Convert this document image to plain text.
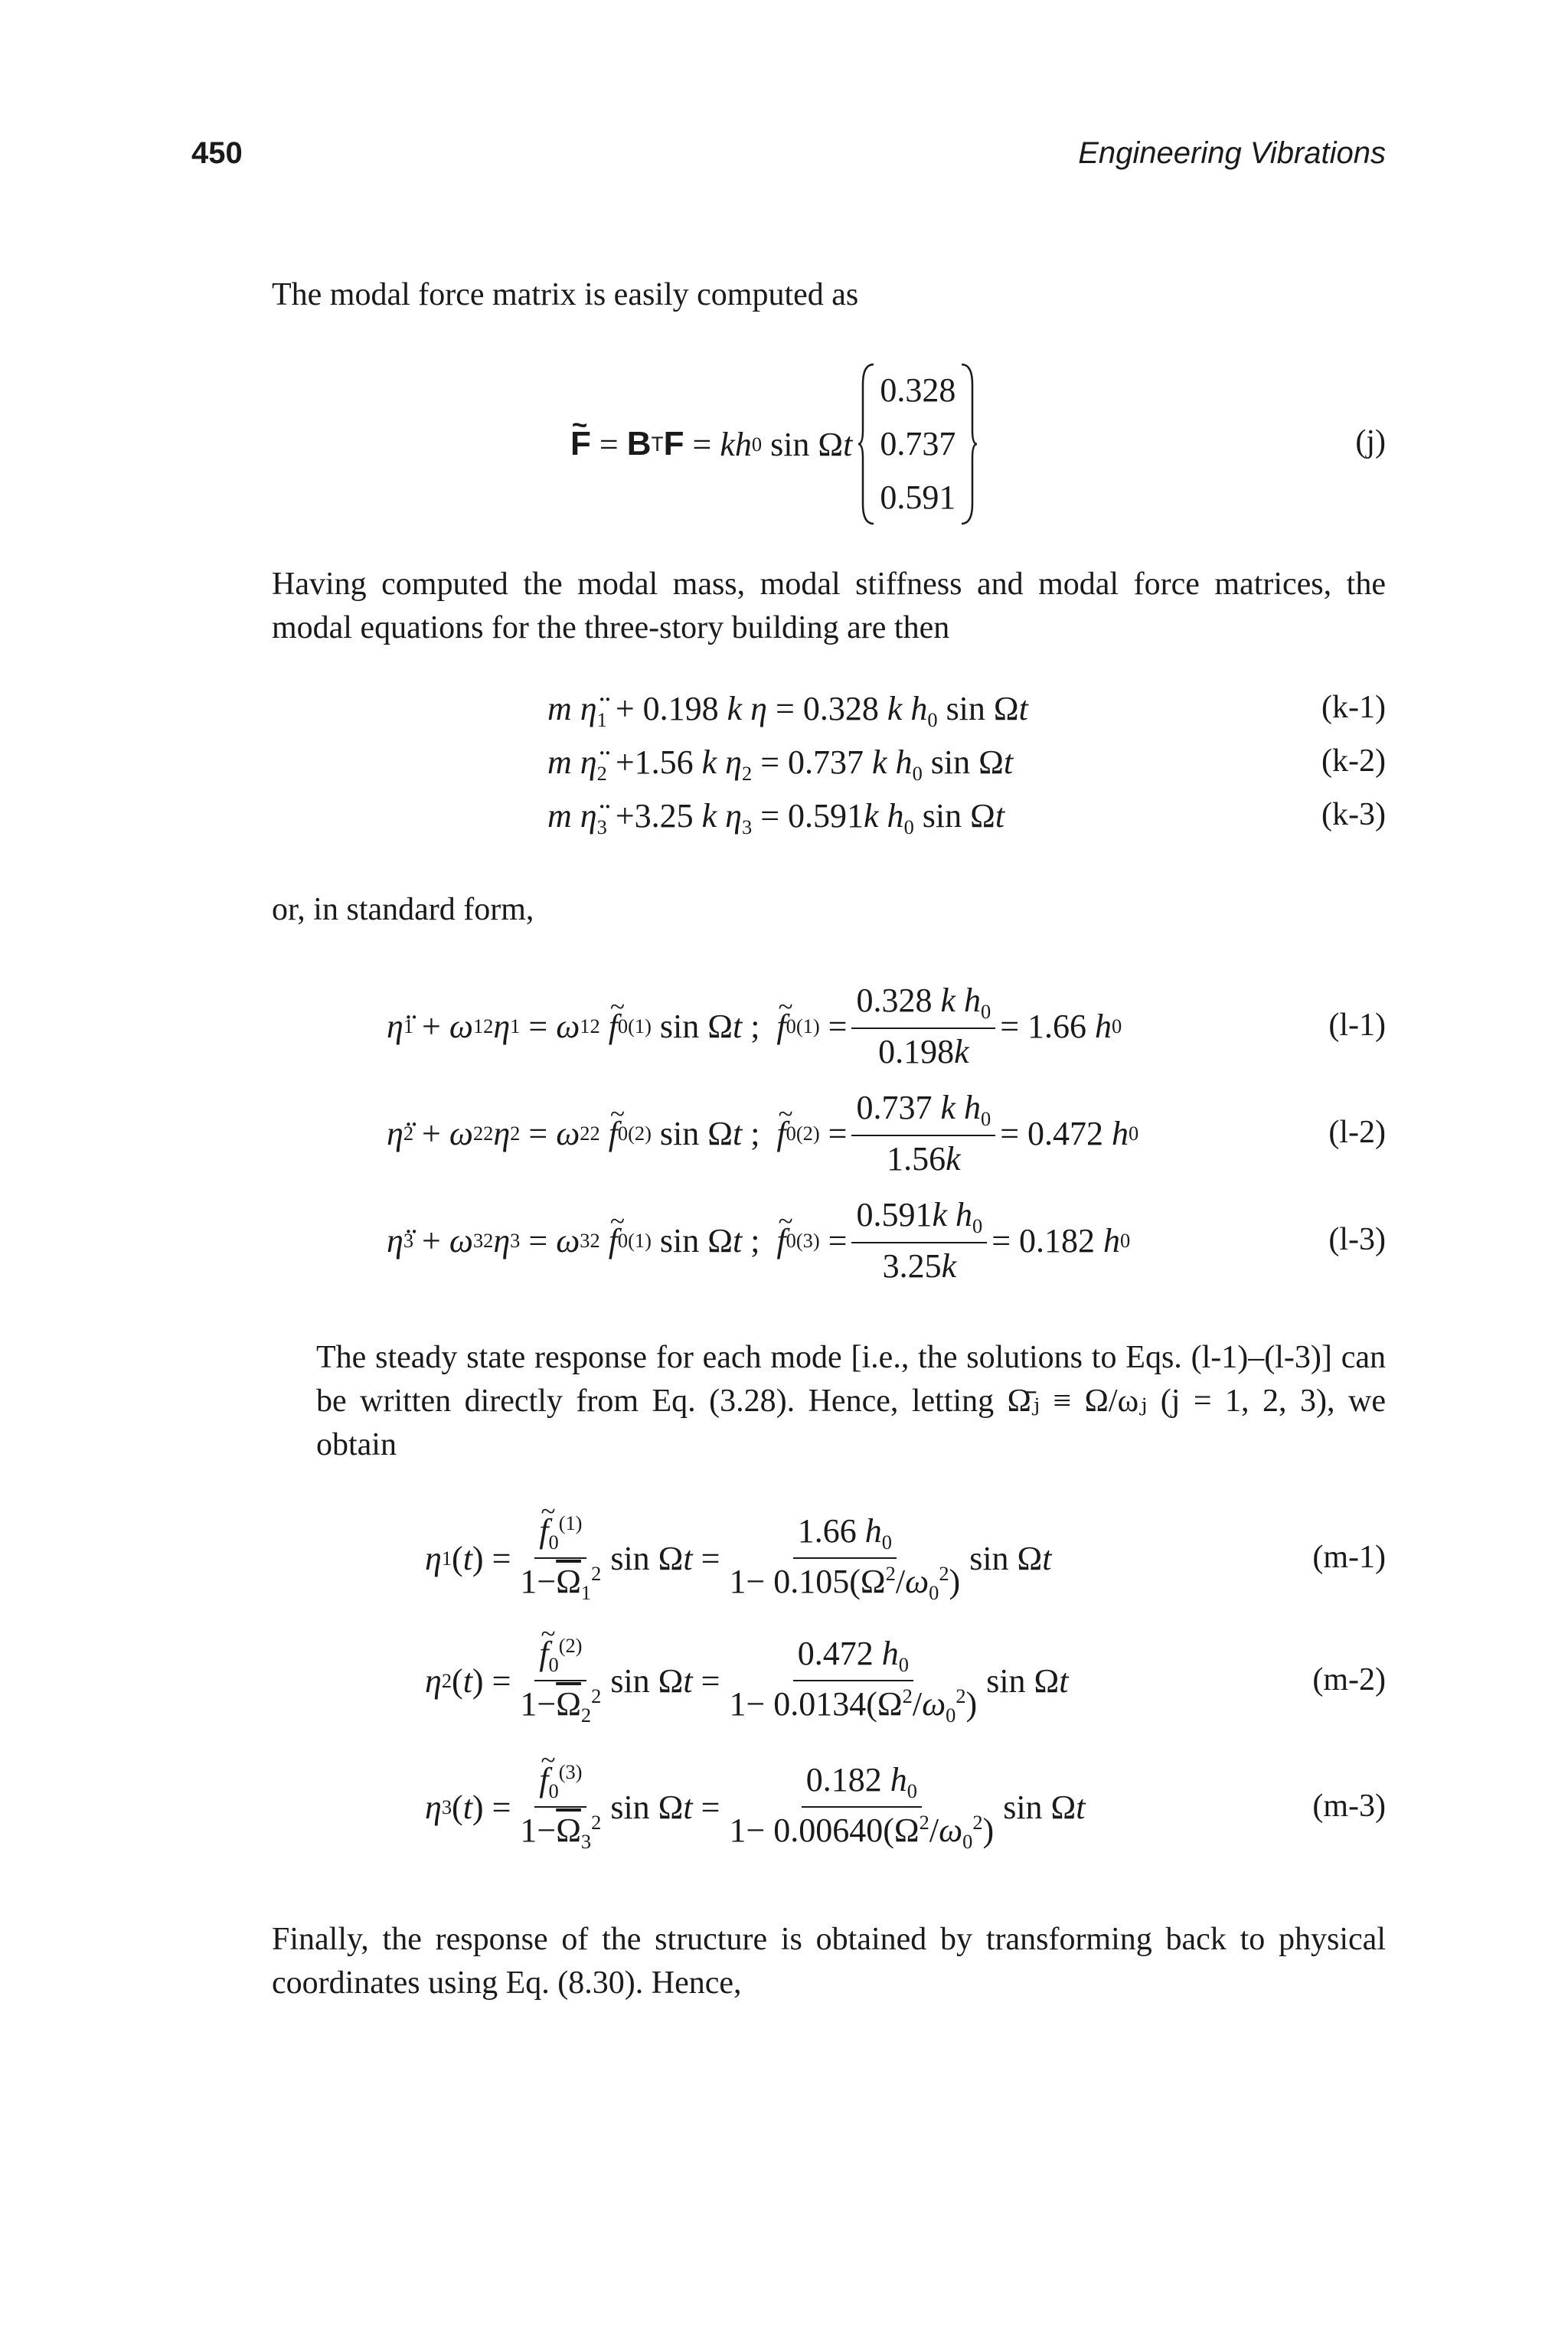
450	Engineering Vibrations
The modal force matrix is easily computed as
~ F = B T F = kh 0 sin Ω t
0.328
0.737
0.591
(j)
Having computed the modal mass, modal stiffness and modal force matrices, the modal equations for the three-story building are then
m $\etä_1 + 0.198$ k η = 0.328 k $h_0$ sin Ωt	(k-1)
m $\etä_2 +1.56$ k $\eta_2 = 0.737$ k $h_0$ sin Ωt	(k-2)
m $\etä_3 +3.25$ k $\eta_3 = 0.591k$ $h_0$ sin Ωt	(k-3)
or, in standard form,
η̈ 1 + ω 1 2 η 1 = ω 1 2
~ f 0 (1) sin Ω t ; ~ f 0 $(1) = \frac{0.328 k h_0}{0.198k} = 1.66$
h 0	(l-1)
η̈ 2 + ω 2 2 η 2 = ω 2 2
~ f 0 (2) sin Ω t ; ~ f 0 $(2) = \frac{0.737 k h_0}{1.56k} = 0.472$
h 0	(l-2)
η̈ 3 + ω 3 2 η 3 = ω 3 2
~ f 0 (1) sin Ω t ; ~ f 0 $(3) = \frac{0.591k h_0}{3.25k} = 0.182$
h 0	(l-3)
The steady state response for each mode [i.e., the solutions to Eqs. (l-1)–(l-3)] can be written directly from Eq. (3.28). Hence, letting Ω̄ⱼ ≡ Ω/ωⱼ (j = 1, 2, 3), we obtain
η 1 ( t ) = ~ $\frac{f_0^{(1)}}{1-\overline{\Omega}_1^2}$ sin Ω $t = \frac{1.66 h_0}{1- 0.105(\Omega^2/\omega_0^2)}$ sin Ω t	(m-1)
η 2 ( t ) = ~ $\frac{f_0^{(2)}}{1-\overline{\Omega}_2^2}$ sin Ω $t = \frac{0.472 h_0}{1- 0.0134(\Omega^2/\omega_0^2)}$ sin Ω t	(m-2)
η 3 ( t ) = ~ $\frac{f_0^{(3)}}{1-\overline{\Omega}_3^2}$ sin Ω $t = \frac{0.182 h_0}{1- 0.00640(\Omega^2/\omega_0^2)}$ sin Ω t	(m-3)
Finally, the response of the structure is obtained by transforming back to physical coordinates using Eq. (8.30). Hence,
